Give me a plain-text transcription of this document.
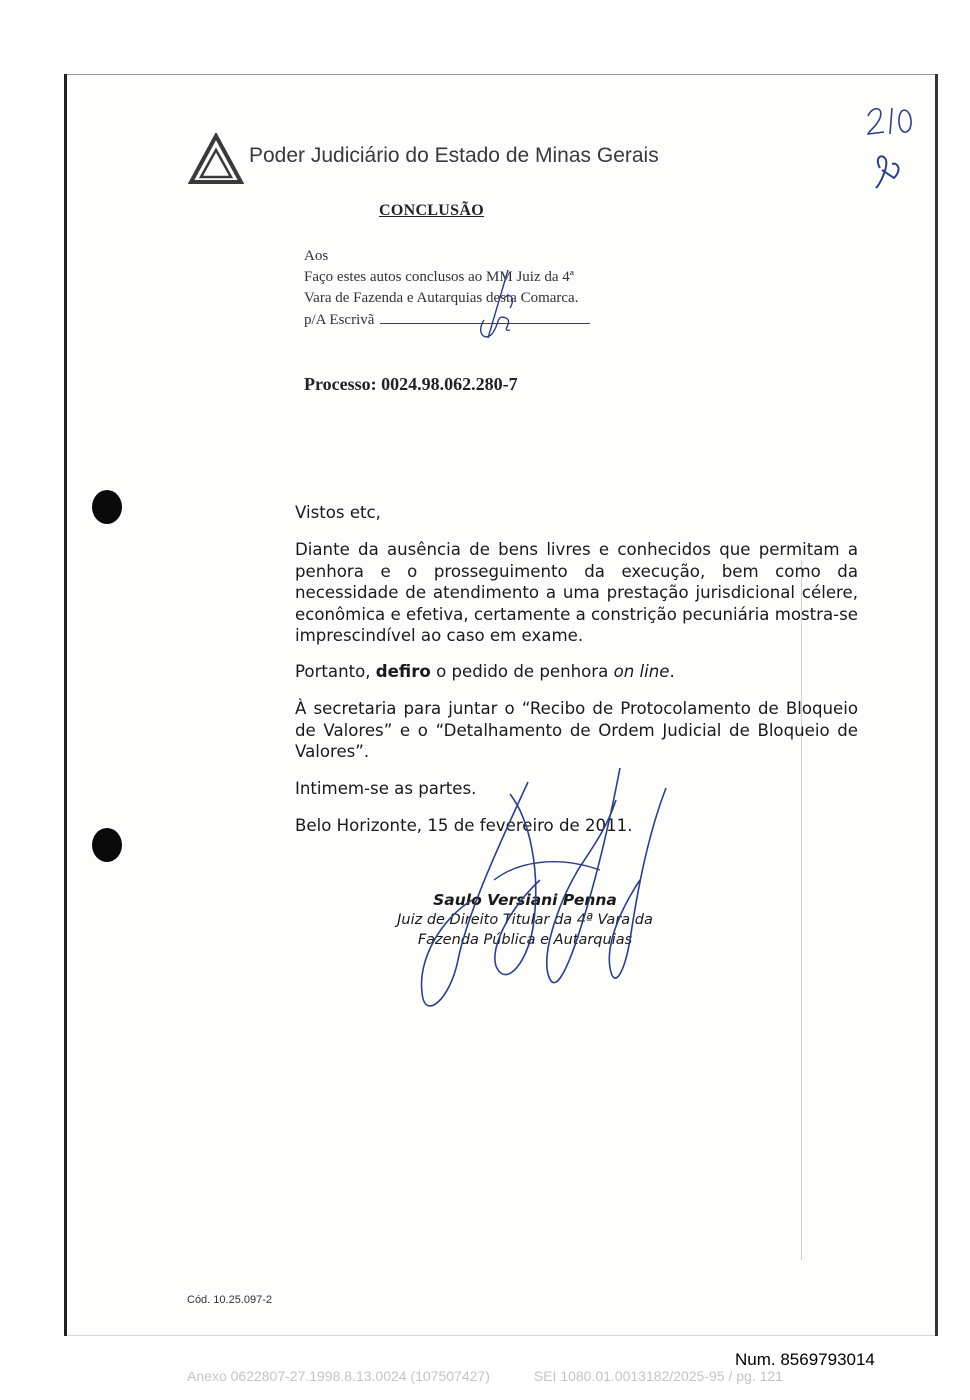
Poder Judiciário do Estado de Minas Gerais
CONCLUSÃO
Aos
Faço estes autos conclusos ao MM Juiz da 4ª
Vara de Fazenda e Autarquias desta Comarca.
p/A Escrivã
Processo: 0024.98.062.280-7
Vistos etc,
Diante da ausência de bens livres e conhecidos que permitam a penhora e o prosseguimento da execução, bem como da necessidade de atendimento a uma prestação jurisdicional célere, econômica e efetiva, certamente a constrição pecuniária mostra-se imprescindível ao caso em exame.
Portanto, defiro o pedido de penhora on line.
À secretaria para juntar o “Recibo de Protocolamento de Bloqueio de Valores” e o “Detalhamento de Ordem Judicial de Bloqueio de Valores”.
Intimem-se as partes.
Belo Horizonte, 15 de fevereiro de 2011.
Saulo Versiani Penna
Juiz de Direito Titular da 4ª Vara da
Fazenda Pública e Autarquias
Cód. 10.25.097-2
Num. 8569793014
Anexo 0622807-27.1998.8.13.0024 (107507427)	SEI 1080.01.0013182/2025-95 / pg. 121
